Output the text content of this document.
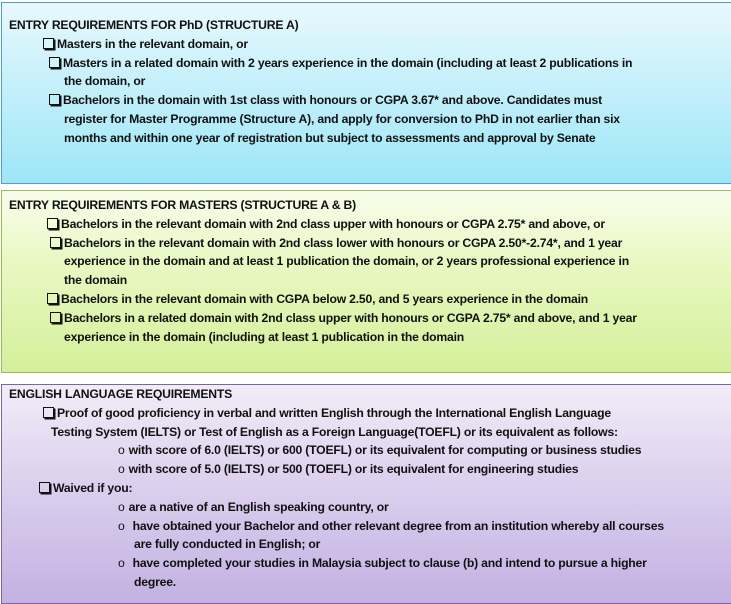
ENTRY REQUIREMENTS FOR PhD (STRUCTURE A)
Masters in the relevant domain, or
Masters in a related domain with 2 years experience in the domain (including at least 2 publications in
the domain, or
Bachelors in the domain with 1st class with honours or CGPA 3.67* and above. Candidates must
register for Master Programme (Structure A), and apply for conversion to PhD in not earlier than six
months and within one year of registration but subject to assessments and approval by Senate
ENTRY REQUIREMENTS FOR MASTERS (STRUCTURE A & B)
Bachelors in the relevant domain with 2nd class upper with honours or CGPA 2.75* and above, or
Bachelors in the relevant domain with 2nd class lower with honours or CGPA 2.50*-2.74*, and 1 year
experience in the domain and at least 1 publication the domain, or 2 years professional experience in
the domain
Bachelors in the relevant domain with CGPA below 2.50, and 5 years experience in the domain
Bachelors in a related domain with 2nd class upper with honours or CGPA 2.75* and above, and 1 year
experience in the domain (including at least 1 publication in the domain
ENGLISH LANGUAGE REQUIREMENTS
Proof of good proficiency in verbal and written English through the International English Language
Testing System (IELTS) or Test of English as a Foreign Language(TOEFL) or its equivalent as follows:
o with score of 6.0 (IELTS) or 600 (TOEFL) or its equivalent for computing or business studies
o with score of 5.0 (IELTS) or 500 (TOEFL) or its equivalent for engineering studies
Waived if you:
o are a native of an English speaking country, or
o have obtained your Bachelor and other relevant degree from an institution whereby all courses
are fully conducted in English; or
o have completed your studies in Malaysia subject to clause (b) and intend to pursue a higher
degree.
